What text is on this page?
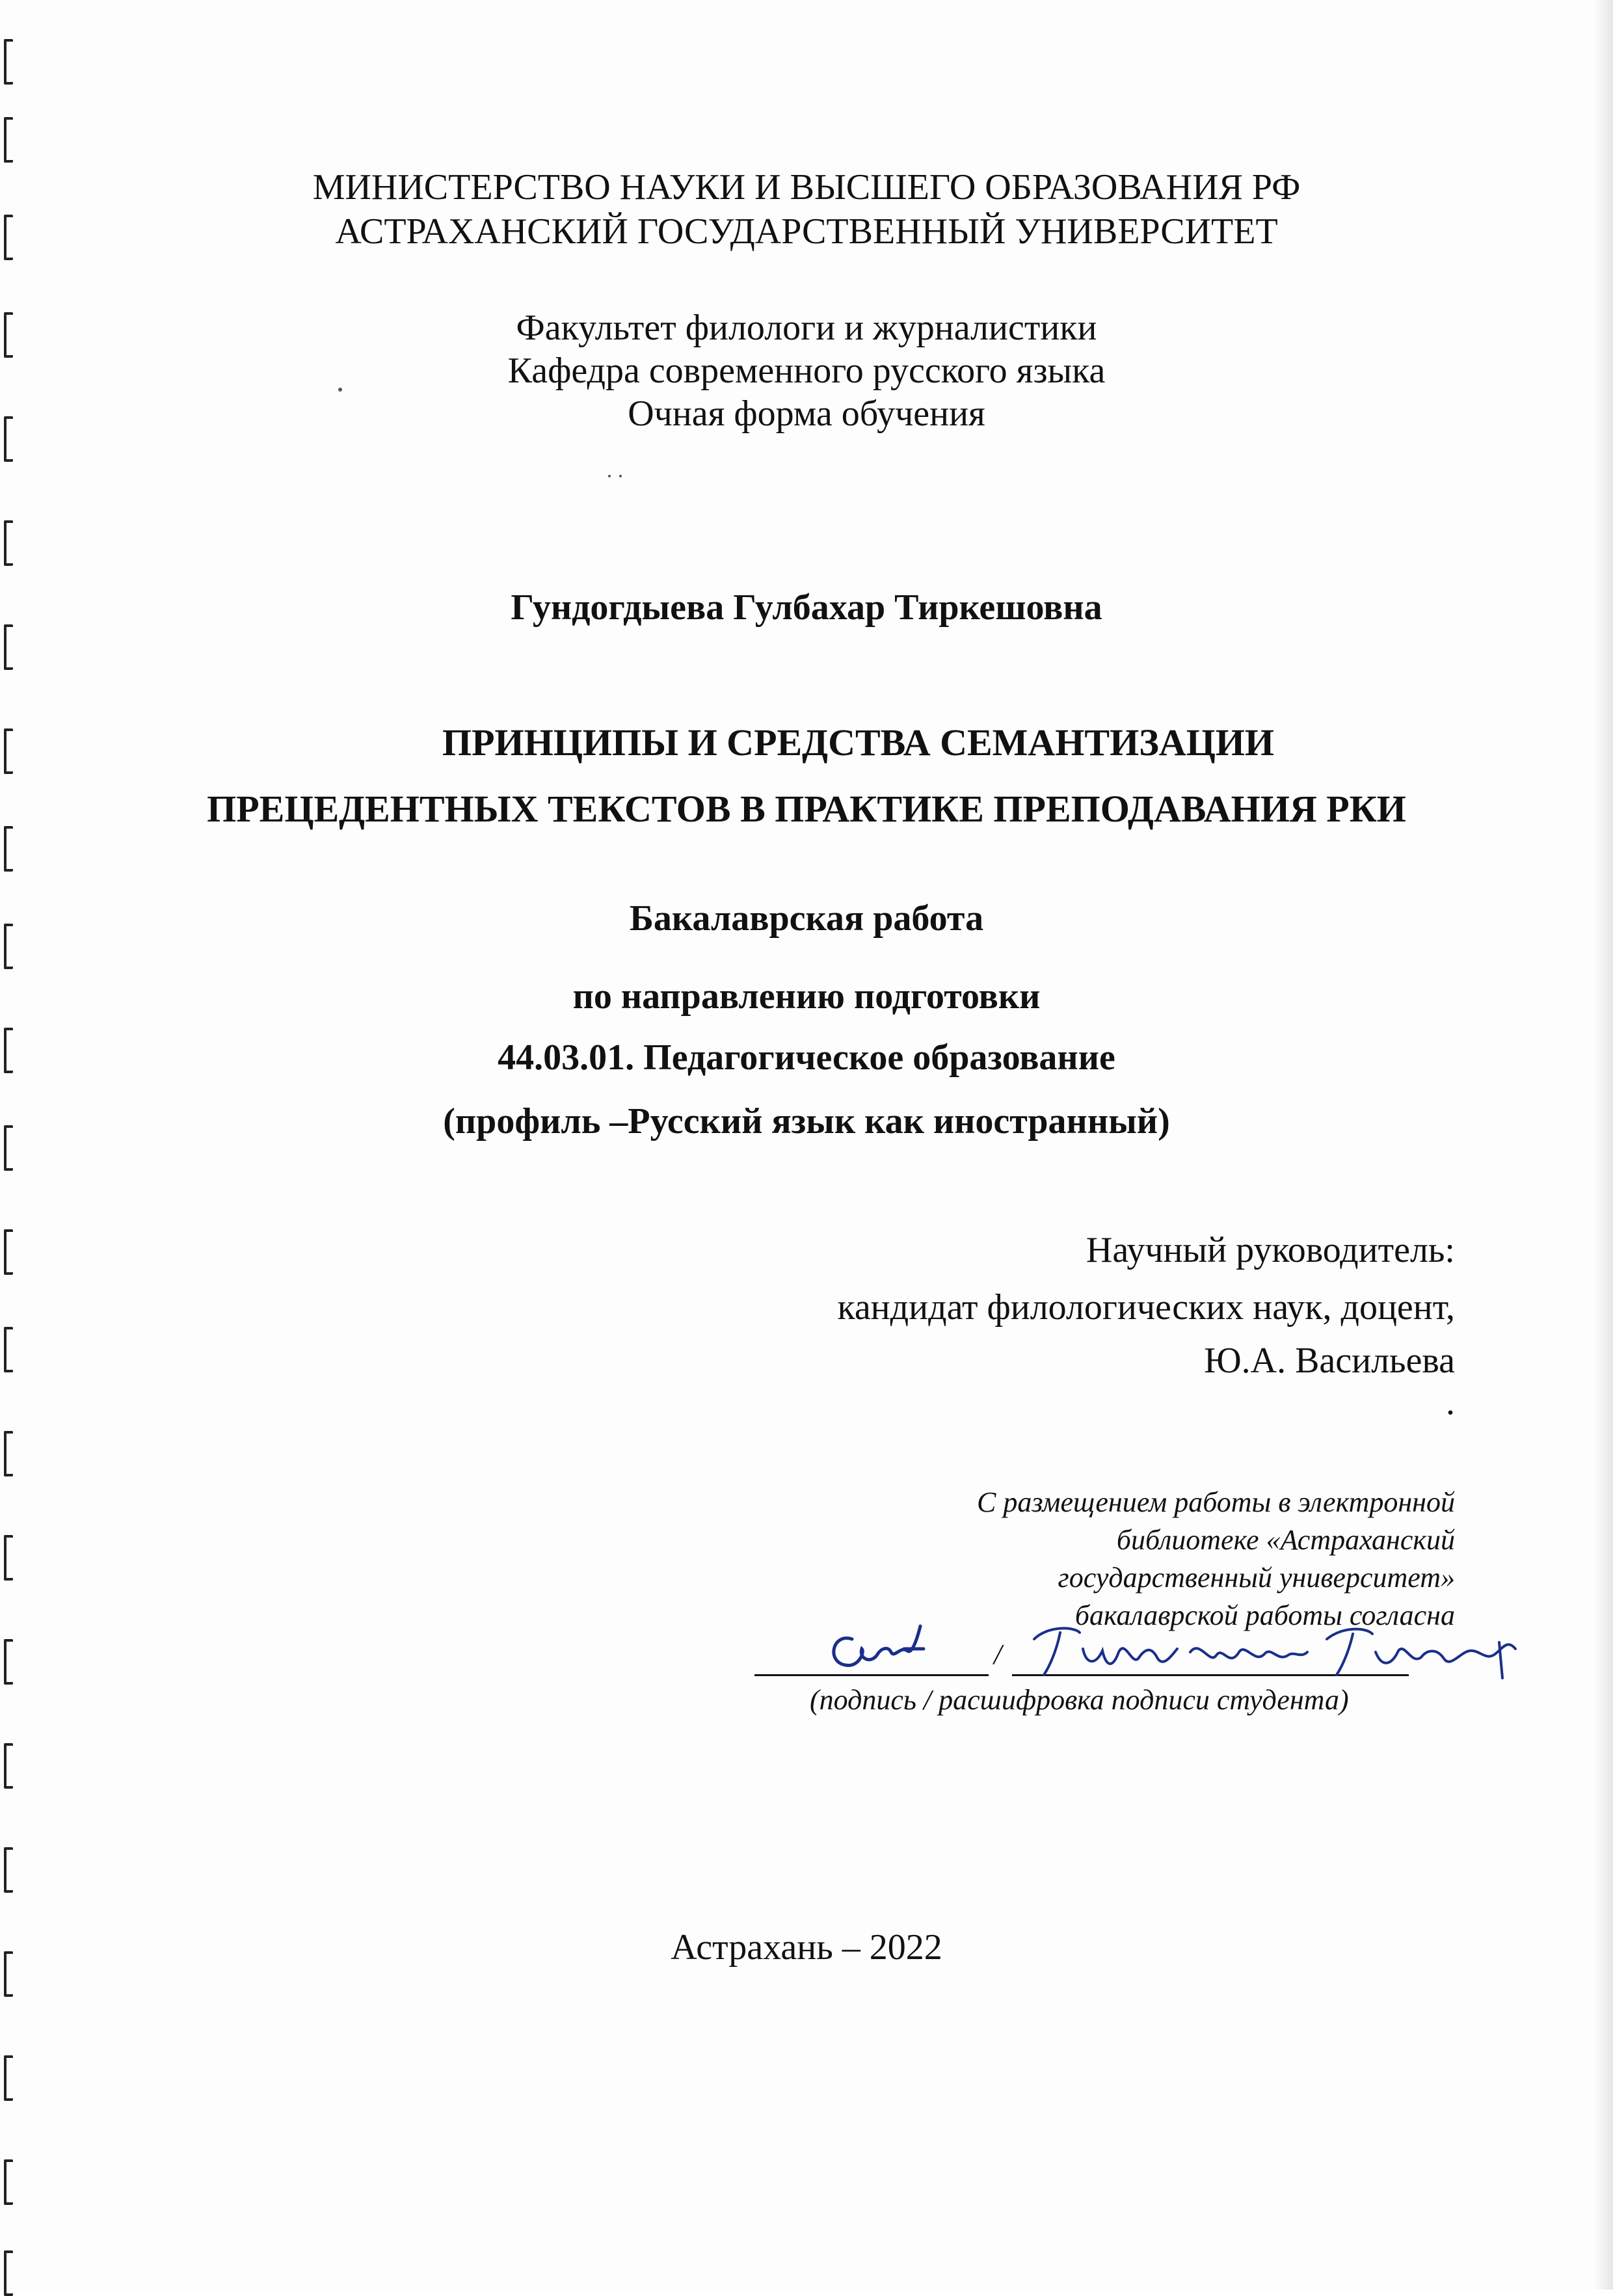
МИНИСТЕРСТВО НАУКИ И ВЫСШЕГО ОБРАЗОВАНИЯ РФ
АСТРАХАНСКИЙ ГОСУДАРСТВЕННЫЙ УНИВЕРСИТЕТ
Факультет филологи и журналистики
Кафедра современного русского языка
Очная форма обучения
Гундогдыева Гулбахар Тиркешовна
ПРИНЦИПЫ И СРЕДСТВА СЕМАНТИЗАЦИИ
ПРЕЦЕДЕНТНЫХ ТЕКСТОВ В ПРАКТИКЕ ПРЕПОДАВАНИЯ РКИ
Бакалаврская работа
по направлению подготовки
44.03.01. Педагогическое образование
(профиль –Русский язык как иностранный)
Научный руководитель:
кандидат филологических наук, доцент,
Ю.А. Васильева
.
С размещением работы в электронной
библиотеке «Астраханский
государственный университет»
бакалаврской работы согласна
/
(подпись / расшифровка подписи студента)
Астрахань – 2022
